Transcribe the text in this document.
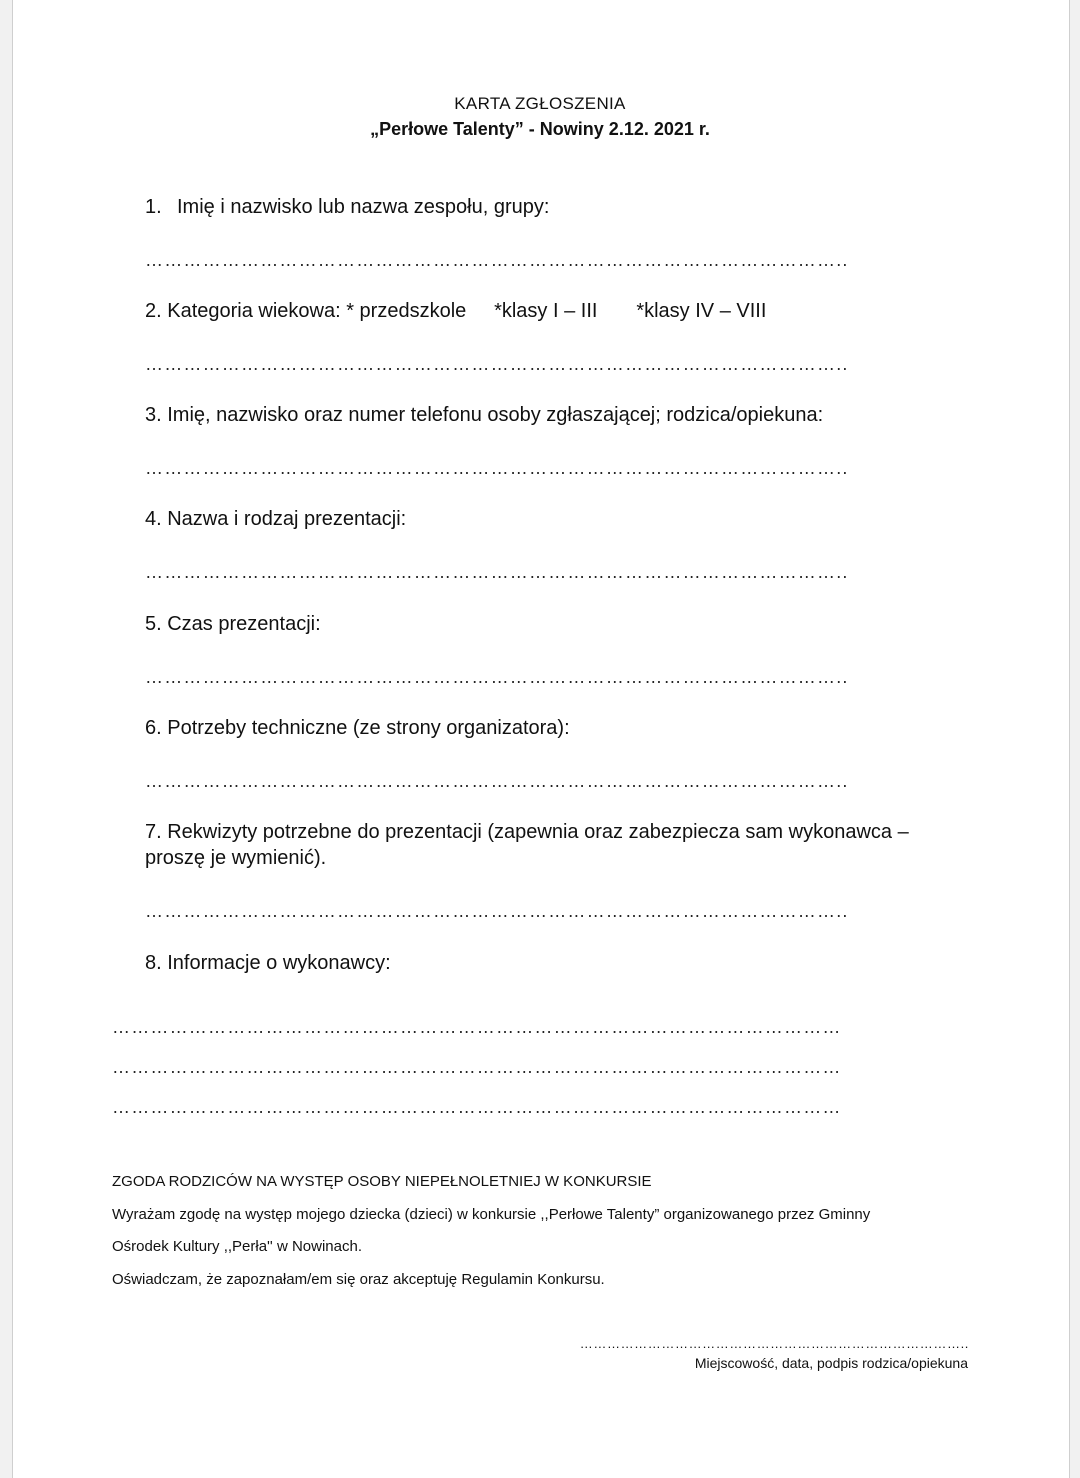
KARTA ZGŁOSZENIA
„Perłowe Talenty” - Nowiny 2.12. 2021 r.
1. Imię i nazwisko lub nazwa zespołu, grupy:
………………………………………………………………………………………………..
2. Kategoria wiekowa: * przedszkole     *klasy I – III       *klasy IV – VIII
………………………………………………………………………………………………..
3. Imię, nazwisko oraz numer telefonu osoby zgłaszającej; rodzica/opiekuna:
………………………………………………………………………………………………..
4. Nazwa i rodzaj prezentacji:
………………………………………………………………………………………………..
5. Czas prezentacji:
………………………………………………………………………………………………..
6. Potrzeby techniczne (ze strony organizatora):
………………………………………………………………………………………………..
7. Rekwizyty potrzebne do prezentacji (zapewnia oraz zabezpiecza sam wykonawca –
proszę je wymienić).
………………………………………………………………………………………………..
8. Informacje o wykonawcy:
……………………………………………………………………………………………………
……………………………………………………………………………………………………
……………………………………………………………………………………………………
ZGODA RODZICÓW NA WYSTĘP OSOBY NIEPEŁNOLETNIEJ W KONKURSIE
Wyrażam zgodę na występ mojego dziecka (dzieci) w konkursie ,,Perłowe Talenty” organizowanego przez Gminny
Ośrodek Kultury ,,Perła'' w Nowinach.
Oświadczam, że zapoznałam/em się oraz akceptuję Regulamin Konkursu.
…………………………………………………………………………..
Miejscowość, data, podpis rodzica/opiekuna
